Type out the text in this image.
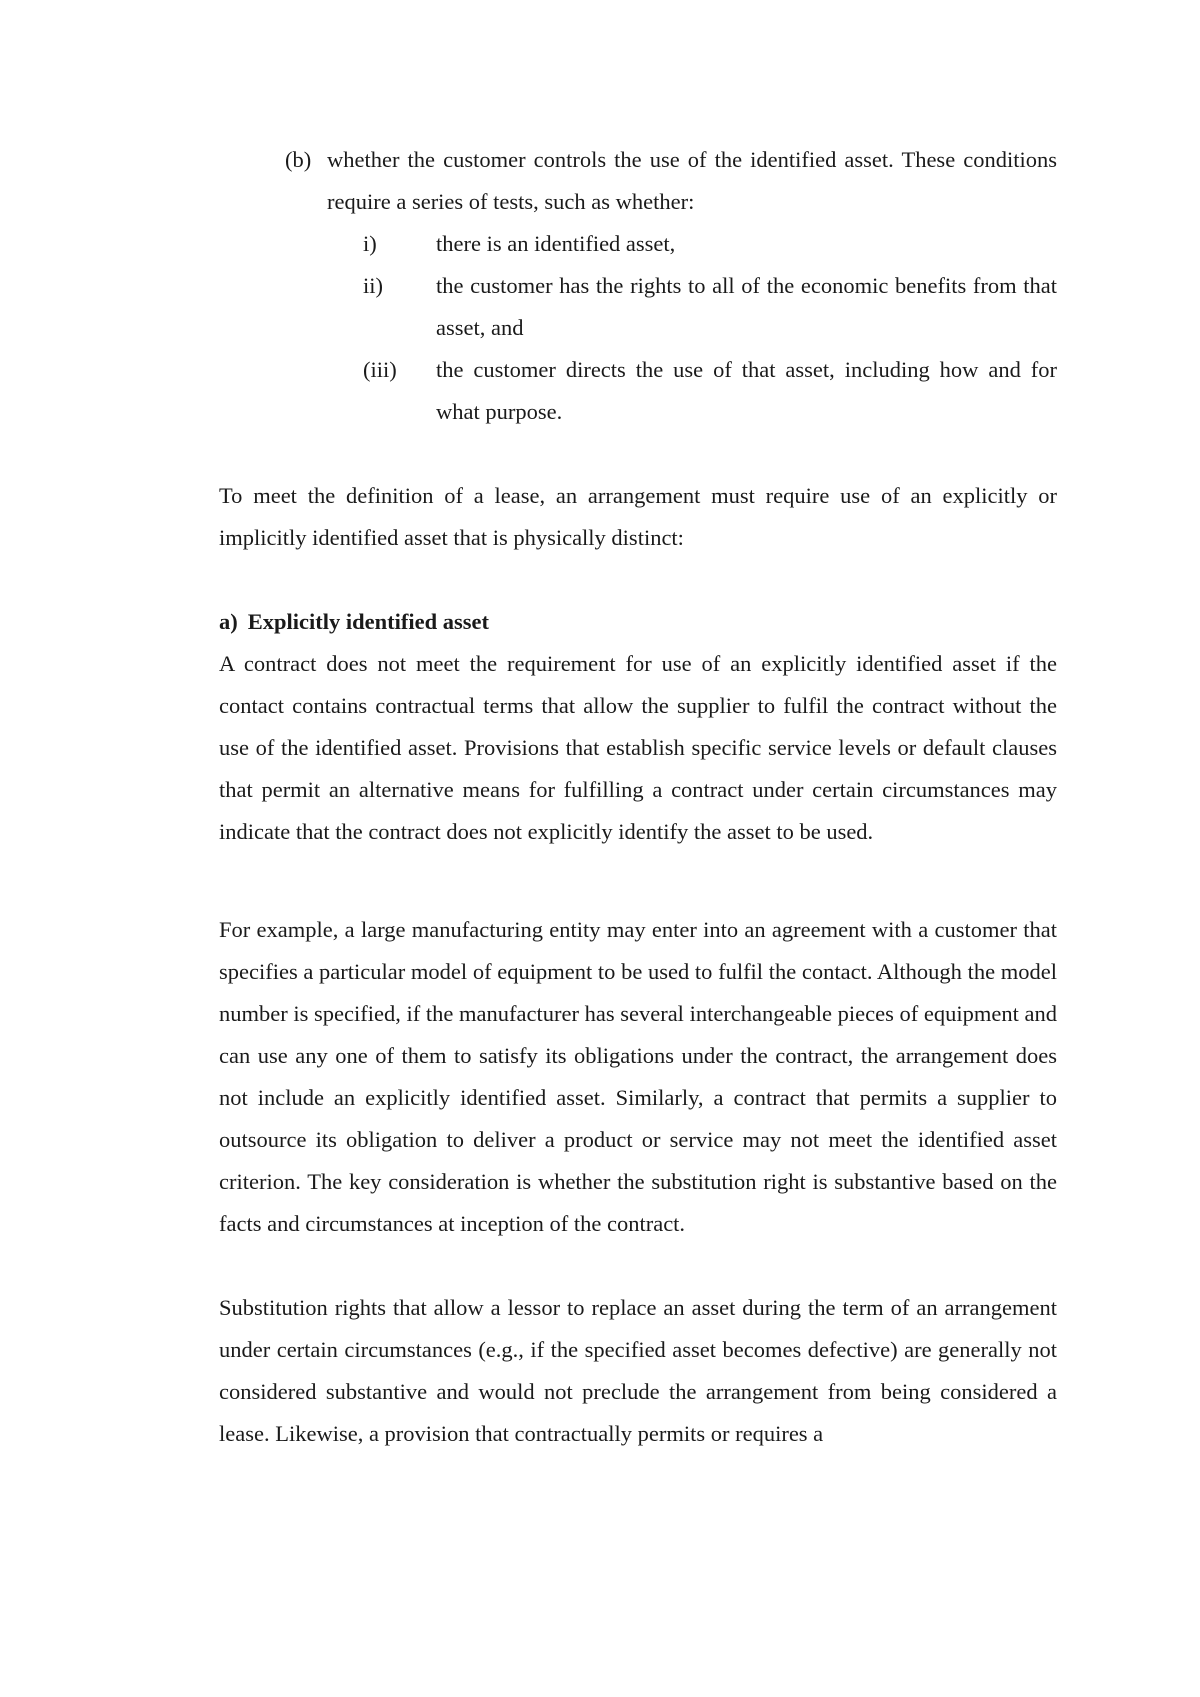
(b) whether the customer controls the use of the identified asset. These conditions require a series of tests, such as whether:

i)	there is an identified asset,

ii) the customer has the rights to all of the economic benefits from that asset, and

(iii) the customer directs the use of that asset, including how and for what purpose.

To meet the definition of a lease, an arrangement must require use of an explicitly or implicitly identified asset that is physically distinct:

a) Explicitly identified asset

A contract does not meet the requirement for use of an explicitly identified asset if the contact contains contractual terms that allow the supplier to fulfil the contract without the use of the identified asset. Provisions that establish specific service levels or default clauses that permit an alternative means for fulfilling a contract under certain circumstances may indicate that the contract does not explicitly identify the asset to be used.

For example, a large manufacturing entity may enter into an agreement with a customer that specifies a particular model of equipment to be used to fulfil the contact. Although the model number is specified, if the manufacturer has several interchangeable pieces of equipment and can use any one of them to satisfy its obligations under the contract, the arrangement does not include an explicitly identified asset. Similarly, a contract that permits a supplier to outsource its obligation to deliver a product or service may not meet the identified asset criterion. The key consideration is whether the substitution right is substantive based on the facts and circumstances at inception of the contract.

Substitution rights that allow a lessor to replace an asset during the term of an arrangement under certain circumstances (e.g., if the specified asset becomes defective) are generally not considered substantive and would not preclude the arrangement from being considered a lease. Likewise, a provision that contractually permits or requires a
